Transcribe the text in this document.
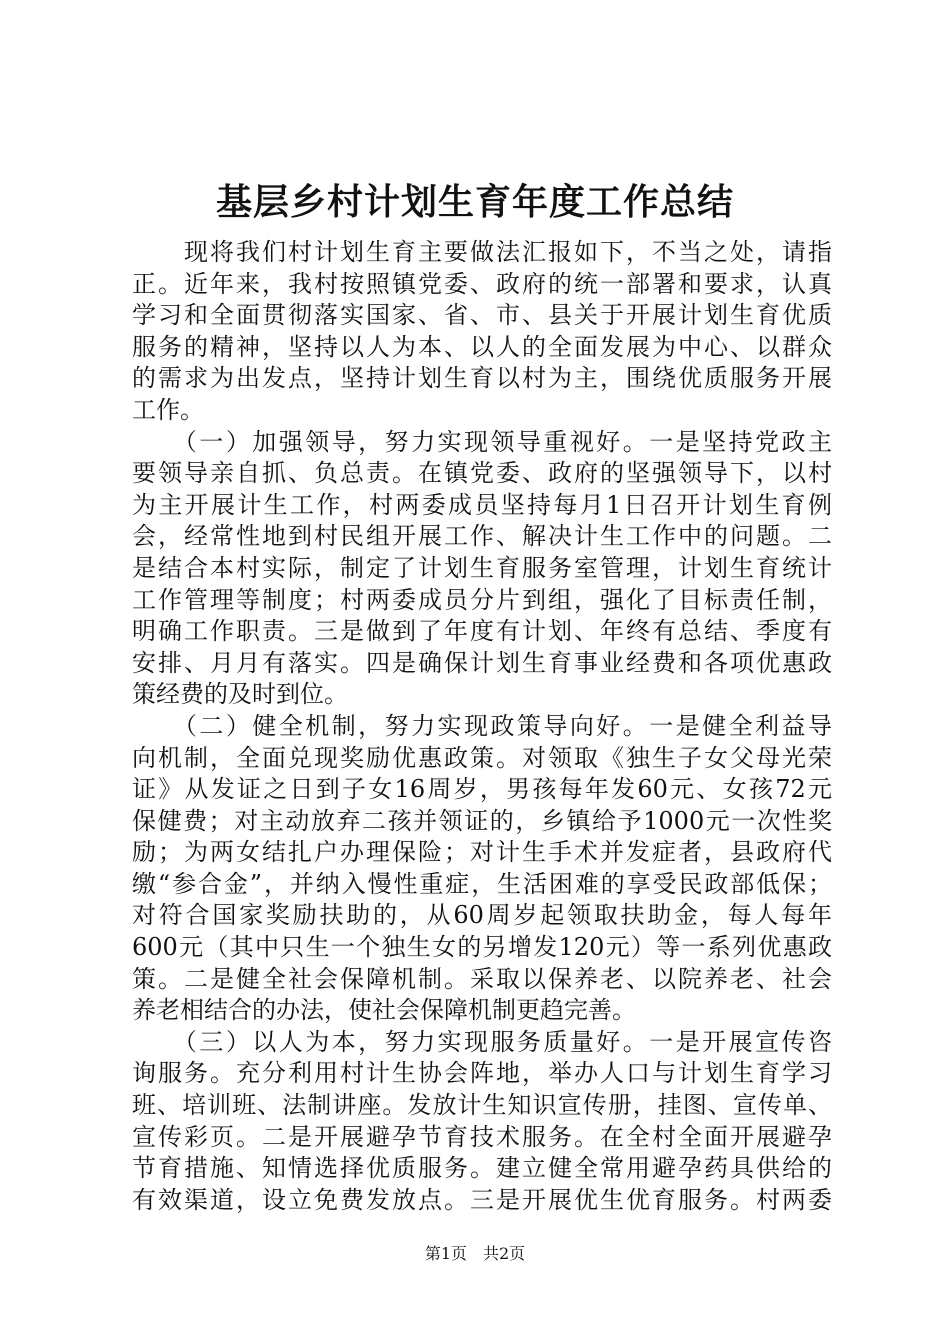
基层乡村计划生育年度工作总结
　　现将我们村计划生育主要做法汇报如下，不当之处，请指
正。近年来，我村按照镇党委、政府的统一部署和要求，认真
学习和全面贯彻落实国家、省、市、县关于开展计划生育优质
服务的精神，坚持以人为本、以人的全面发展为中心、以群众
的需求为出发点，坚持计划生育以村为主，围绕优质服务开展
工作。
　　（一）加强领导，努力实现领导重视好。一是坚持党政主
要领导亲自抓、负总责。在镇党委、政府的坚强领导下，以村
为主开展计生工作，村两委成员坚持每月1日召开计划生育例
会，经常性地到村民组开展工作、解决计生工作中的问题。二
是结合本村实际，制定了计划生育服务室管理，计划生育统计
工作管理等制度；村两委成员分片到组，强化了目标责任制，
明确工作职责。三是做到了年度有计划、年终有总结、季度有
安排、月月有落实。四是确保计划生育事业经费和各项优惠政
策经费的及时到位。
　　（二）健全机制，努力实现政策导向好。一是健全利益导
向机制，全面兑现奖励优惠政策。对领取《独生子女父母光荣
证》从发证之日到子女16周岁，男孩每年发60元、女孩72元
保健费；对主动放弃二孩并领证的，乡镇给予1000元一次性奖
励；为两女结扎户办理保险；对计生手术并发症者，县政府代
缴“参合金”，并纳入慢性重症，生活困难的享受民政部低保；
对符合国家奖励扶助的，从60周岁起领取扶助金，每人每年
600元（其中只生一个独生女的另增发120元）等一系列优惠政
策。二是健全社会保障机制。采取以保养老、以院养老、社会
养老相结合的办法，使社会保障机制更趋完善。
　　（三）以人为本，努力实现服务质量好。一是开展宣传咨
询服务。充分利用村计生协会阵地，举办人口与计划生育学习
班、培训班、法制讲座。发放计生知识宣传册，挂图、宣传单、
宣传彩页。二是开展避孕节育技术服务。在全村全面开展避孕
节育措施、知情选择优质服务。建立健全常用避孕药具供给的
有效渠道，设立免费发放点。三是开展优生优育服务。村两委
第1页　共2页
